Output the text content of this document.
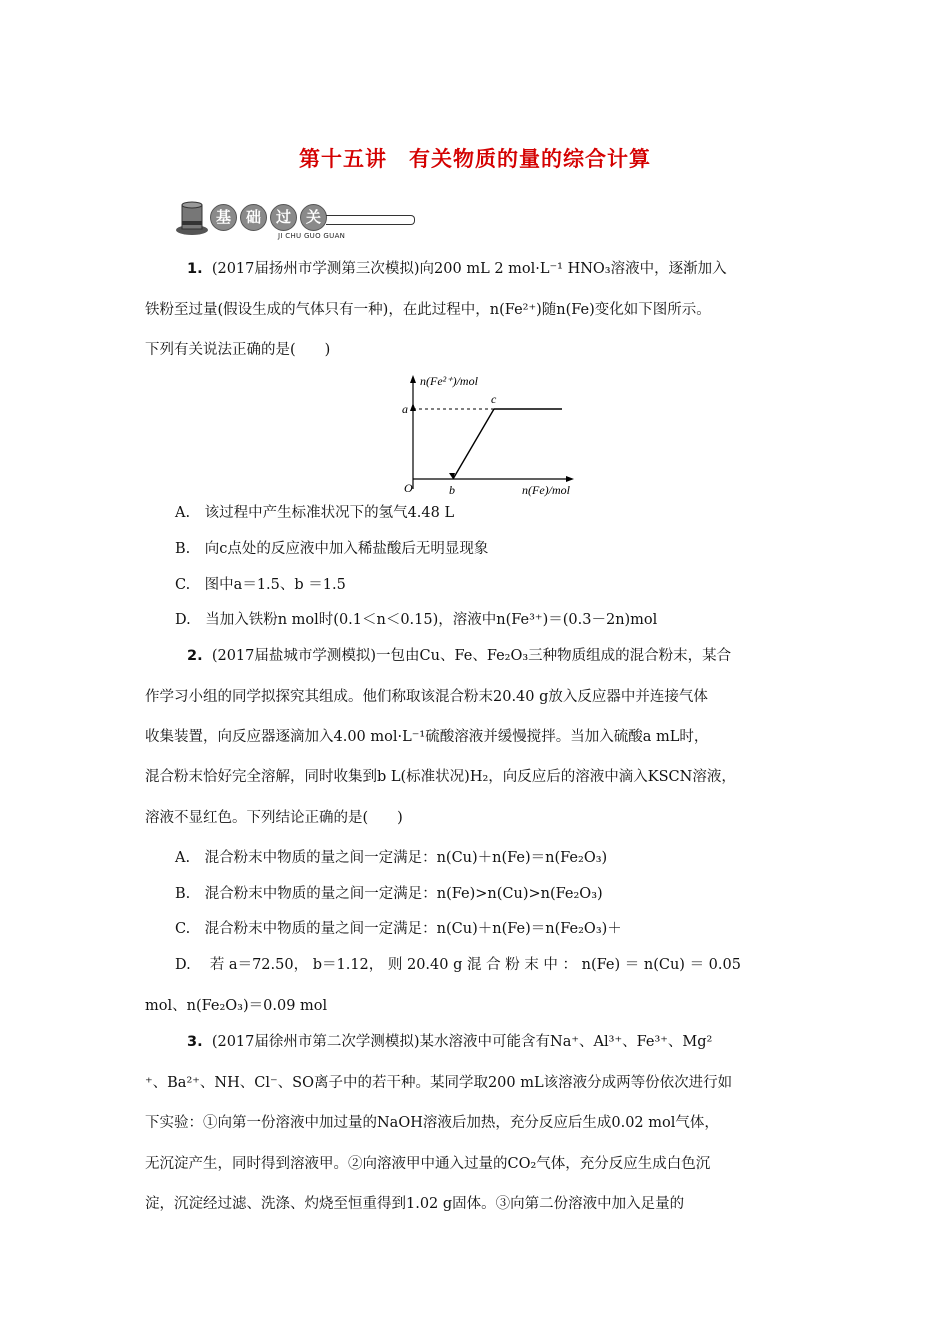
第十五讲 有关物质的量的综合计算
基 础 过 关
JI CHU GUO GUAN
1. (2017届扬州市学测第三次模拟)向200 mL 2 mol·L⁻¹ HNO₃溶液中，逐渐加入
铁粉至过量(假设生成的气体只有一种)，在此过程中，n(Fe²⁺)随n(Fe)变化如下图所示。
下列有关说法正确的是(　　)
n(Fe²⁺)/mol
a
c
O	b	n(Fe)/mol
A.　该过程中产生标准状况下的氢气4.48 L
B.　向c点处的反应液中加入稀盐酸后无明显现象
C.　图中a＝1.5、b ＝1.5
D.　当加入铁粉n mol时(0.1＜n＜0.15)，溶液中n(Fe³⁺)＝(0.3－2n)mol
2. (2017届盐城市学测模拟)一包由Cu、Fe、Fe₂O₃三种物质组成的混合粉末，某合
作学习小组的同学拟探究其组成。他们称取该混合粉末20.40 g放入反应器中并连接气体
收集装置，向反应器逐滴加入4.00 mol·L⁻¹硫酸溶液并缓慢搅拌。当加入硫酸a mL时，
混合粉末恰好完全溶解，同时收集到b L(标准状况)H₂，向反应后的溶液中滴入KSCN溶液，
溶液不显红色。下列结论正确的是(　　)
A.　混合粉末中物质的量之间一定满足：n(Cu)＋n(Fe)＝n(Fe₂O₃)
B.　混合粉末中物质的量之间一定满足：n(Fe)>n(Cu)>n(Fe₂O₃)
C.　混合粉末中物质的量之间一定满足：n(Cu)＋n(Fe)＝n(Fe₂O₃)＋
D.　 若 a＝72.50， b＝1.12， 则 20.40 g 混 合 粉 末 中 ： n(Fe) ＝ n(Cu) ＝ 0.05
mol、n(Fe₂O₃)＝0.09 mol
3. (2017届徐州市第二次学测模拟)某水溶液中可能含有Na⁺、Al³⁺、Fe³⁺、Mg²
⁺、Ba²⁺、NH、Cl⁻、SO离子中的若干种。某同学取200 mL该溶液分成两等份依次进行如
下实验：①向第一份溶液中加过量的NaOH溶液后加热，充分反应后生成0.02 mol气体，
无沉淀产生，同时得到溶液甲。②向溶液甲中通入过量的CO₂气体，充分反应生成白色沉
淀，沉淀经过滤、洗涤、灼烧至恒重得到1.02 g固体。③向第二份溶液中加入足量的
